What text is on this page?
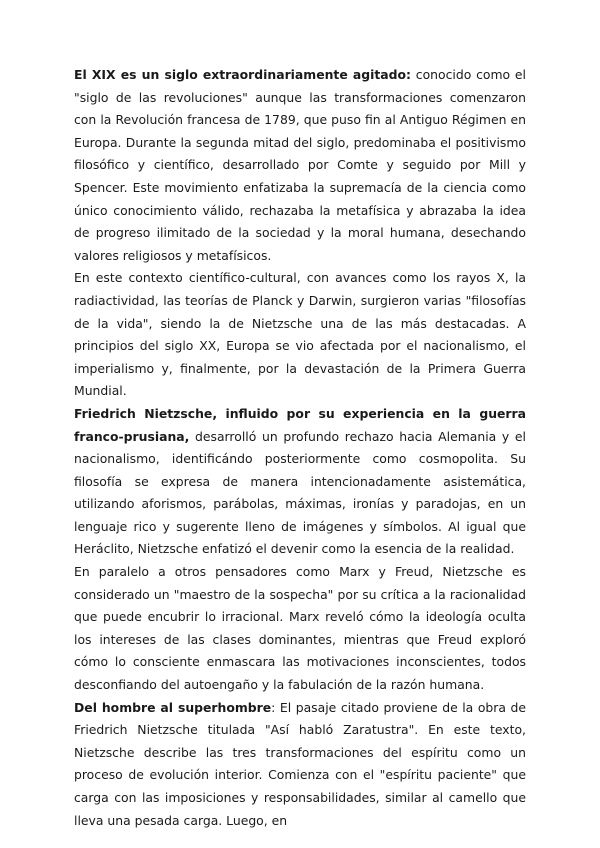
El XIX es un siglo extraordinariamente agitado: conocido como el "siglo de las revoluciones" aunque las transformaciones comenzaron con la Revolución francesa de 1789, que puso fin al Antiguo Régimen en Europa. Durante la segunda mitad del siglo, predominaba el positivismo filosófico y científico, desarrollado por Comte y seguido por Mill y Spencer. Este movimiento enfatizaba la supremacía de la ciencia como único conocimiento válido, rechazaba la metafísica y abrazaba la idea de progreso ilimitado de la sociedad y la moral humana, desechando valores religiosos y metafísicos.

En este contexto científico-cultural, con avances como los rayos X, la radiactividad, las teorías de Planck y Darwin, surgieron varias "filosofías de la vida", siendo la de Nietzsche una de las más destacadas. A principios del siglo XX, Europa se vio afectada por el nacionalismo, el imperialismo y, finalmente, por la devastación de la Primera Guerra Mundial.

Friedrich Nietzsche, influido por su experiencia en la guerra franco-prusiana, desarrolló un profundo rechazo hacia Alemania y el nacionalismo, identificándo posteriormente como cosmopolita. Su filosofía se expresa de manera intencionadamente asistemática, utilizando aforismos, parábolas, máximas, ironías y paradojas, en un lenguaje rico y sugerente lleno de imágenes y símbolos. Al igual que Heráclito, Nietzsche enfatizó el devenir como la esencia de la realidad.

En paralelo a otros pensadores como Marx y Freud, Nietzsche es considerado un "maestro de la sospecha" por su crítica a la racionalidad que puede encubrir lo irracional. Marx reveló cómo la ideología oculta los intereses de las clases dominantes, mientras que Freud exploró cómo lo consciente enmascara las motivaciones inconscientes, todos desconfiando del autoengaño y la fabulación de la razón humana.

Del hombre al superhombre: El pasaje citado proviene de la obra de Friedrich Nietzsche titulada "Así habló Zaratustra". En este texto, Nietzsche describe las tres transformaciones del espíritu como un proceso de evolución interior. Comienza con el "espíritu paciente" que carga con las imposiciones y responsabilidades, similar al camello que lleva una pesada carga. Luego, en
